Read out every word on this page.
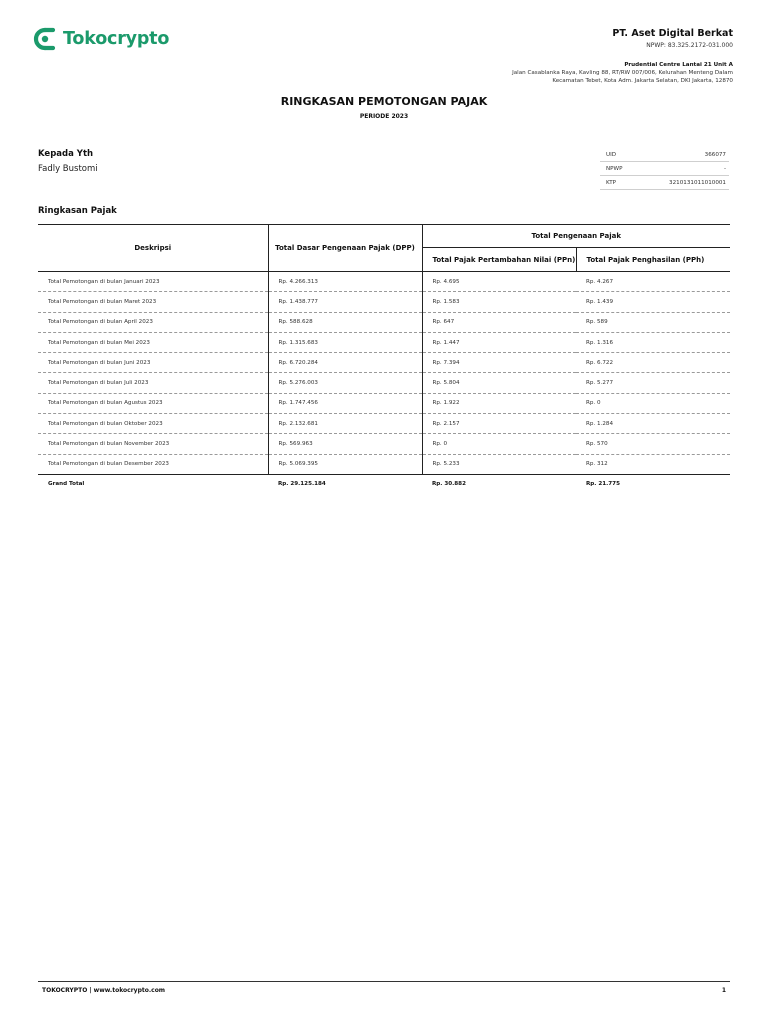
Tokocrypto	PT. Aset Digital Berkat
NPWP: 83.325.2172-031.000
Prudential Centre Lantai 21 Unit A
Jalan Casablanka Raya, Kavling 88, RT/RW 007/006, Kelurahan Menteng Dalam
Kecamatan Tebet, Kota Adm. Jakarta Selatan, DKI Jakarta, 12870
RINGKASAN PEMOTONGAN PAJAK
PERIODE 2023
Kepada Yth
Fadly Bustomi
UID	366077
NPWP	-
KTP	3210131011010001
Ringkasan Pajak
Deskripsi	Total Dasar Pengenaan Pajak (DPP)	Total Pengenaan Pajak	
		Total Pajak Pertambahan Nilai (PPn)	Total Pajak Penghasilan (PPh)
Total Pemotongan di bulan Januari 2023	Rp. 4.266.313	Rp. 4.695	Rp. 4.267
Total Pemotongan di bulan Maret 2023	Rp. 1.438.777	Rp. 1.583	Rp. 1.439
Total Pemotongan di bulan April 2023	Rp. 588.628	Rp. 647	Rp. 589
Total Pemotongan di bulan Mei 2023	Rp. 1.315.683	Rp. 1.447	Rp. 1.316
Total Pemotongan di bulan Juni 2023	Rp. 6.720.284	Rp. 7.394	Rp. 6.722
Total Pemotongan di bulan Juli 2023	Rp. 5.276.003	Rp. 5.804	Rp. 5.277
Total Pemotongan di bulan Agustus 2023	Rp. 1.747.456	Rp. 1.922	Rp. 0
Total Pemotongan di bulan Oktober 2023	Rp. 2.132.681	Rp. 2.157	Rp. 1.284
Total Pemotongan di bulan November 2023	Rp. 569.963	Rp. 0	Rp. 570
Total Pemotongan di bulan Desember 2023	Rp. 5.069.395	Rp. 5.233	Rp. 312
Grand Total	Rp. 29.125.184	Rp. 30.882	Rp. 21.775
TOKOCRYPTO | www.tokocrypto.com	1
